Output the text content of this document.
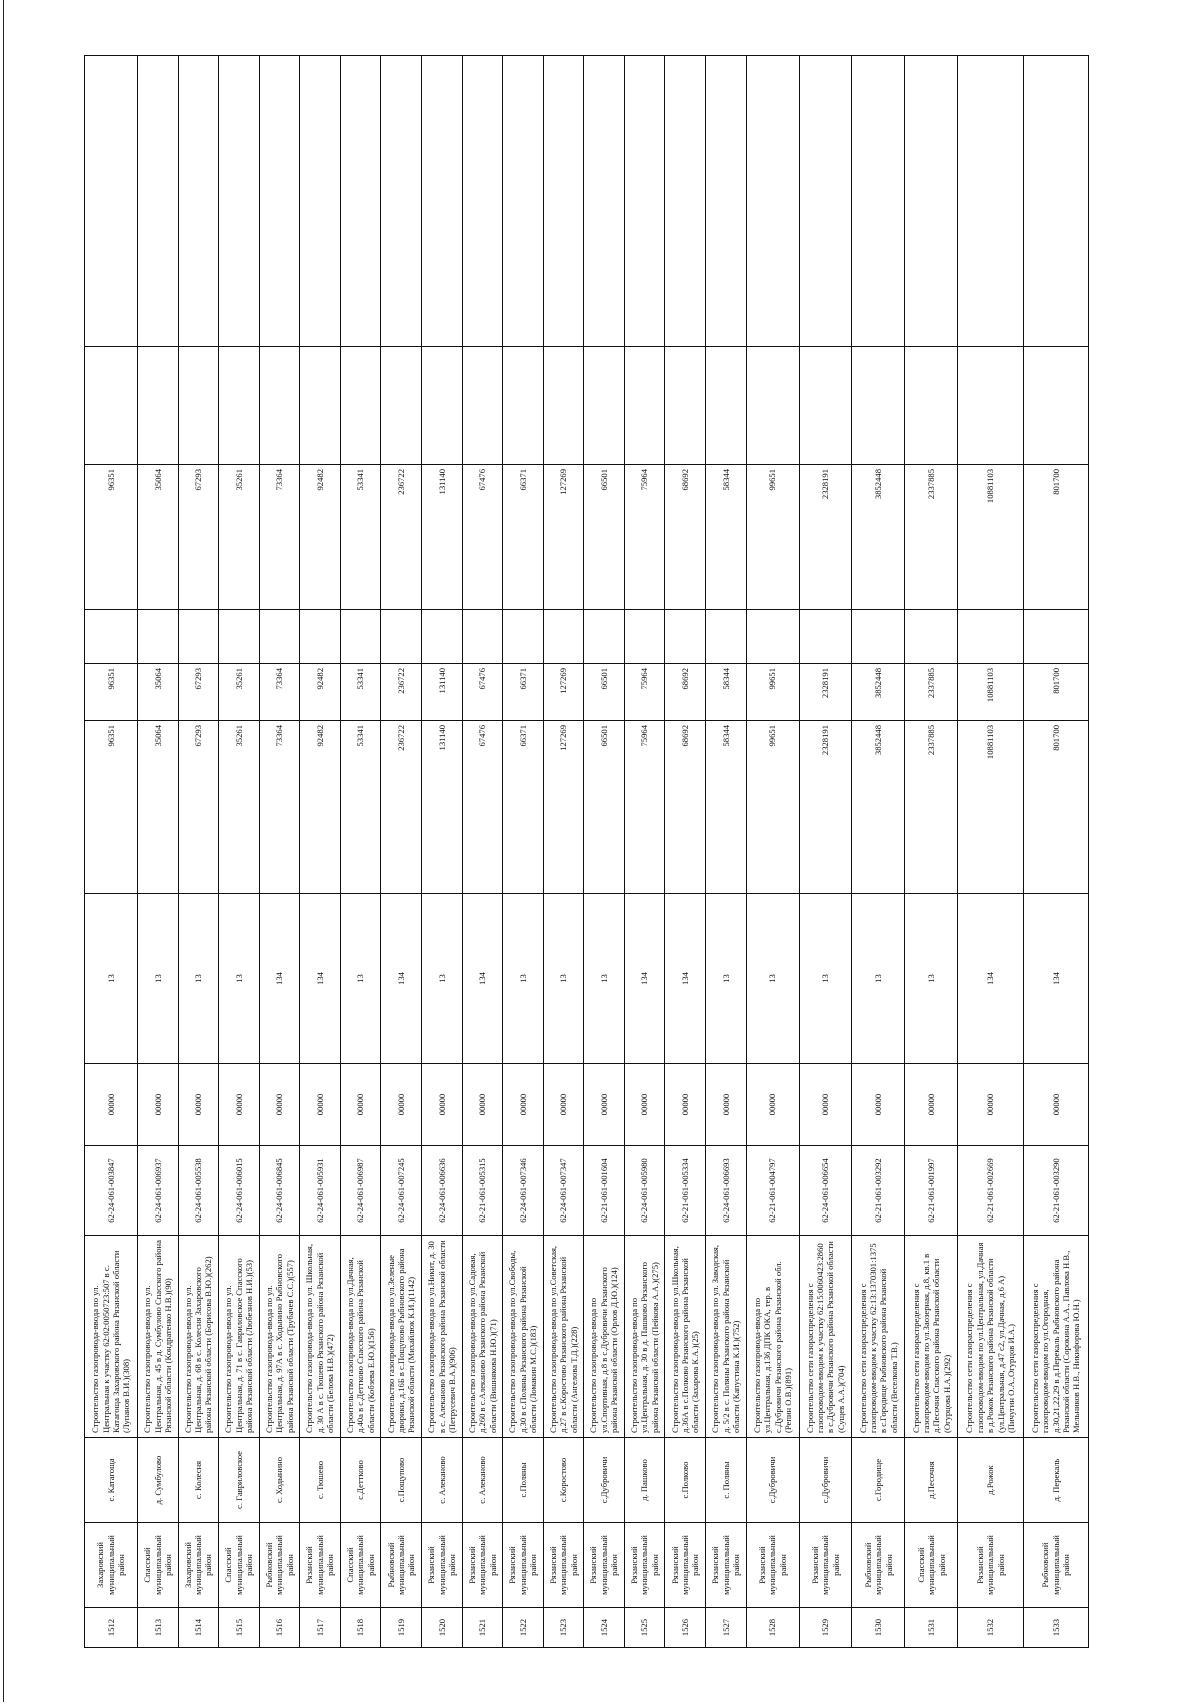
1512	Захаровский муниципальный район	с. Катагоща	Строительство газопровода-ввода по ул. Центральная к участку 62:02:0050723:507 в с. Катагоща Захаровского района Рязанской области (Лупанов В.И.)(308)	62-24-061-003847	00000	13	96351	96351		96351		
1513	Спасский муниципальный район	д. Сумбулово	Строительство газопровода-ввода по ул. Центральная, д. 45 в д. Сумбулово Спасского района Рязанской области (Кондратенко Н.В.)(90)	62-24-061-006937	00000	13	35064	35064		35064		
1514	Захаровский муниципальный район	с. Колесня	Строительство газопровода-ввода по ул. Центральная, д. 68 в с. Колесня Захаровского района Рязанской области (Борисова В.Ю.)(262)	62-24-061-005538	00000	13	67293	67293		67293		
1515	Спасский муниципальный район	с. Гавриловское	Строительство газопровода-ввода по ул. Центральная, д. 71 в с. Гавриловское Спасского района Рязанской области (Любезнов Н.И.)(53)	62-24-061-006015	00000	13	35261	35261		35261		
1516	Рыбновский муниципальный район	с. Ходынино	Строительство газопровода-ввода по ул. Центральная, д. 97А в с. Ходынино Рыбновского района Рязанской области (Трубачев С.С.)(557)	62-24-061-006845	00000	134	73364	73364		73364		
1517	Рязанский муниципальный район	с. Тюшево	Строительство газопровода-ввода по ул. Школьная, д. 30 А в с. Тюшево Рязанского района Рязанской области (Белова Н.В.)(472)	62-24-061-005931	00000	134	92482	92482		92482		
1518	Спасский муниципальный район	с.Деттково	Строительство газопровода-ввода по ул.Дачная, д.40а в с.Деттково Спасского района Рязанской области (Кобзева Е.Ю.)(156)	62-24-061-006987	00000	13	53341	53341		53341		
1519	Рыбновский муниципальный район	с.Пощупово	Строительство газопровода-ввода по ул.Зеленые дворики, д.16Б в с.Пощупово Рыбновского района Рязанской области (Михайлюк К.И.)(1142)	62-24-061-007245	00000	134	236722	236722		236722		
1520	Рязанский муниципальный район	с. Алеканово	Строительство газопровода-ввода по ул.Никит, д. 30 в с. Алеканово Рязанского района Рязанской области (Петрусевич В.А.)(906)	62-24-061-006636	00000	13	131140	131140		131140		
1521	Рязанский муниципальный район	с. Алеканово	Строительство газопровода-ввода по ул.Садовая, д.260 в с.Алеканово Рязанского района Рязанской области (Вишнякова Н.Ю.)(71)	62-21-061-005315	00000	134	67476	67476		67476		
1522	Рязанский муниципальный район	с.Поляны	Строительство газопровода-ввода по ул.Свободы, д.30 в с.Поляны Рязанского района Рязанской области (Ломакин М.С.)(183)	62-24-061-007346	00000	13	66371	66371		66371		
1523	Рязанский муниципальный район	с.Коростово	Строительство газопровода-ввода по ул.Советская, д.27 в с.Коростово Рязанского района Рязанской области (Ангелова Т.Д.)(228)	62-24-061-007347	00000	13	127269	127269		127269		
1524	Рязанский муниципальный район	с.Дубровичи	Строительство газопровода-ввода по ул.Спортивная, д.8 в с.Дубровичи Рязанского района Рязанской области (Орлов Д.Ю.)(124)	62-21-061-001604	00000	13	66501	66501		66501		
1525	Рязанский муниципальный район	д. Пашково	Строительство газопровода-ввода по ул.Центральная, д. 30 в д. Пашково Рязанского района Рязанской области (Пейкова А.А.)(275)	62-24-061-005980	00000	134	75964	75964		75964		
1526	Рязанский муниципальный район	с.Полково	Строительство газопровода-ввода по ул.Школьная, д.36А в с.Полково Рязанского района Рязанской области (Захарова К.А.)(25)	62-21-061-005334	00000	134	68692	68692		68692		
1527	Рязанский муниципальный район	с. Поляны	Строительство газопровода-ввода по ул. Заводская, д. 5/2 в с. Поляны Рязанского района Рязанской области (Капустина К.И.)(752)	62-24-061-006693	00000	13	58344	58344		58344		
1528	Рязанский муниципальный район	с.Дубровичи	Строительство газопровода-ввода по ул.Центральная, д.136 ДПК ОКА, тер. в с.Дубровичи Рязанского района Рязанской обл. (Репин О.В.)(891)	62-21-061-004797	00000	13	99651	99651		99651		
1529	Рязанский муниципальный район	с.Дубровичи	Строительство сети газораспределения с газопроводом-вводом к участку 62:15:0060423:2860 в с.Дубровичи Рязанского района Рязанской области (Сущев А.А.)(704)	62-24-061-006654	00000	13	2328191	2328191		2328191		
1530	Рыбновский муниципальный район	с.Городище	Строительство сети газораспределения с газопроводом-вводом к участку 62:13:1370301:1375 в с.Городище Рыбновского района Рязанской области (Веселкова Т.В.)	62-21-061-003292	00000	13	3852448	3852448		3852448		
1531	Спасский муниципальный район	д.Песочня	Строительство сети газораспределения с газопроводом-вводом по ул.Заозерная, д.8, кв.1 в д.Песочня Спасского района Рязанской области (Огурцова Н.А.)(292)	62-21-061-001997	00000	13	2337885	2337885		2337885		
1532	Рязанский муниципальный район	д.Рожок	Строительство сети газораспределения с газопроводом-вводом по ул.Центральная, ул.Дачная в д.Рожок Рязанского района Рязанской области (ул.Центральная, д.47 с2, ул.Дачная, д.6 А) (Пичугин О.А.,Огурцов И.А.)	62-21-061-002669	00000	134	10881103	10881103		10881103		
1533	Рыбновский муниципальный район	д. Перекаль	Строительство сети газораспределения с газопроводом-вводом по ул.Огородная, д.30,21,22,29 в д.Перекаль Рыбновского района Рязанской области (Сорокина А.А., Павлова Н.В., Мельников Н.В., Никифорова Ю.Н.)	62-21-061-003290	00000	134	801700	801700		801700		
